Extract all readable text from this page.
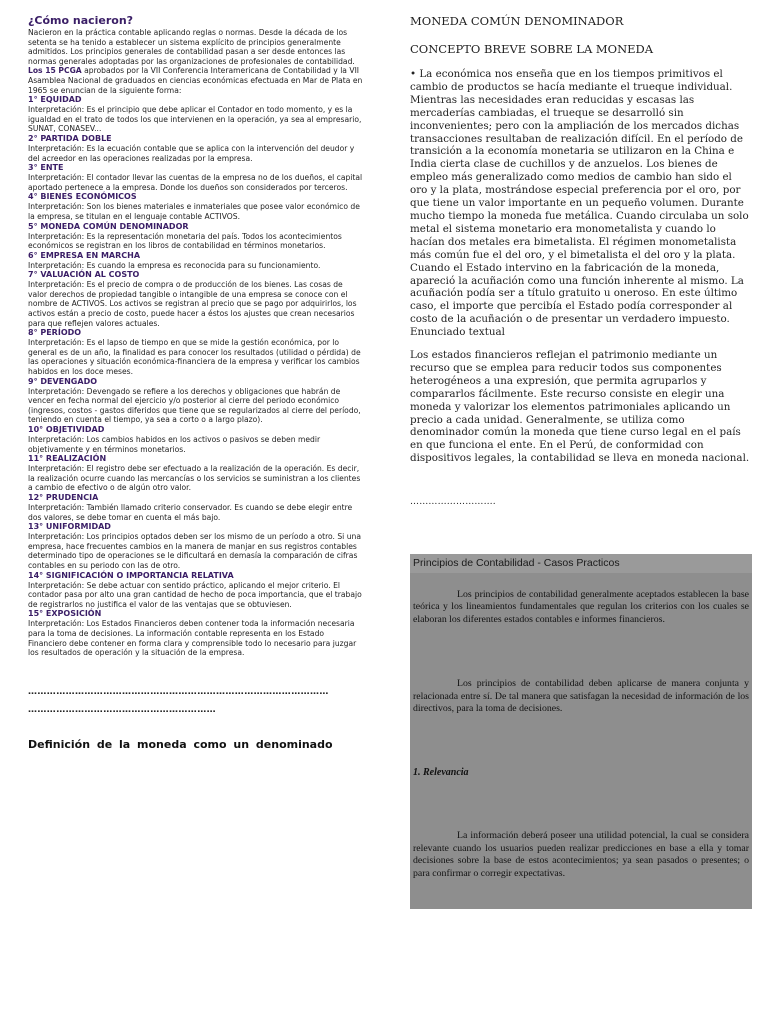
¿Cómo nacieron?

Nacieron en la práctica contable aplicando reglas o normas. Desde la década de los setenta se ha tenido a establecer un sistema explícito de principios generalmente admitidos. Los principios generales de contabilidad pasan a ser desde entonces las normas generales adoptadas por las organizaciones de profesionales de contabilidad.

Los 15 PCGA aprobados por la VII Conferencia Interamericana de Contabilidad y la VII Asamblea Nacional de graduados en ciencias económicas efectuada en Mar de Plata en 1965 se enuncian de la siguiente forma:

1° EQUIDAD

Interpretación: Es el principio que debe aplicar el Contador en todo momento, y es la igualdad en el trato de todos los que intervienen en la operación, ya sea al empresario, SUNAT, CONASEV...

2° PARTIDA DOBLE

Interpretación: Es la ecuación contable que se aplica con la intervención del deudor y del acreedor en las operaciones realizadas por la empresa.

3° ENTE

Interpretación: El contador llevar las cuentas de la empresa no de los dueños, el capital aportado pertenece a la empresa. Donde los dueños son considerados por terceros.

4° BIENES ECONÓMICOS

Interpretación: Son los bienes materiales e inmateriales que posee valor económico de la empresa, se titulan en el lenguaje contable ACTIVOS.

5° MONEDA COMÚN DENOMINADOR

Interpretación: Es la representación monetaria del país. Todos los acontecimientos económicos se registran en los libros de contabilidad en términos monetarios.

6° EMPRESA EN MARCHA

Interpretación: Es cuando la empresa es reconocida para su funcionamiento.

7° VALUACIÓN AL COSTO

Interpretación: Es el precio de compra o de producción de los bienes. Las cosas de valor derechos de propiedad tangible o intangible de una empresa se conoce con el nombre de ACTIVOS. Los activos se registran al precio que se pago por adquirirlos, los activos están a precio de costo, puede hacer a éstos los ajustes que crean necesarios para que reflejen valores actuales.

8° PERÍODO

Interpretación: Es el lapso de tiempo en que se mide la gestión económica, por lo general es de un año, la finalidad es para conocer los resultados (utilidad o pérdida) de las operaciones y situación económica-financiera de la empresa y verificar los cambios habidos en los doce meses.

9° DEVENGADO

Interpretación: Devengado se refiere a los derechos y obligaciones que habrán de vencer en fecha normal del ejercicio y/o posterior al cierre del periodo económico (ingresos, costos - gastos diferidos que tiene que se regularizados al cierre del período, teniendo en cuenta el tiempo, ya sea a corto o a largo plazo).

10° OBJETIVIDAD

Interpretación: Los cambios habidos en los activos o pasivos se deben medir objetivamente y en términos monetarios.

11° REALIZACIÓN

Interpretación: El registro debe ser efectuado a la realización de la operación. Es decir, la realización ocurre cuando las mercancías o los servicios se suministran a los clientes a cambio de efectivo o de algún otro valor.

12° PRUDENCIA

Interpretación: También llamado criterio conservador. Es cuando se debe elegir entre dos valores, se debe tomar en cuenta el más bajo.

13° UNIFORMIDAD

Interpretación: Los principios optados deben ser los mismo de un período a otro. Si una empresa, hace frecuentes cambios en la manera de manjar en sus registros contables determinado tipo de operaciones se le dificultará en demasía la comparación de cifras contables en su periodo con las de otro.

14° SIGNIFICACIÓN O IMPORTANCIA RELATIVA

Interpretación: Se debe actuar con sentido práctico, aplicando el mejor criterio. El contador pasa por alto una gran cantidad de hecho de poca importancia, que el trabajo de registrarlos no justifica el valor de las ventajas que se obtuviesen.

15° EXPOSICIÓN

Interpretación: Los Estados Financieros deben contener toda la información necesaria para la toma de decisiones. La información contable representa en los Estado Financiero debe contener en forma clara y comprensible todo lo necesario para juzgar los resultados de operación y la situación de la empresa.

……………………………………………………………………………………
……………………………………………………
Definición de la moneda como un denominado
MONEDA COMÚN DENOMINADOR
CONCEPTO BREVE SOBRE LA MONEDA

• La económica nos enseña que en los tiempos primitivos el cambio de productos se hacía mediante el trueque individual. Mientras las necesidades eran reducidas y escasas las mercaderías cambiadas, el trueque se desarrolló sin inconvenientes; pero con la ampliación de los mercados dichas transacciones resultaban de realización difícil. En el período de transición a la economía monetaria se utilizaron en la China e India cierta clase de cuchillos y de anzuelos. Los bienes de empleo más generalizado como medios de cambio han sido el oro y la plata, mostrándose especial preferencia por el oro, por que tiene un valor importante en un pequeño volumen. Durante mucho tiempo la moneda fue metálica. Cuando circulaba un solo metal el sistema monetario era monometalista y cuando lo hacían dos metales era bimetalista. El régimen monometalista más común fue el del oro, y el bimetalista el del oro y la plata. Cuando el Estado intervino en la fabricación de la moneda, apareció la acuñación como una función inherente al mismo. La acuñación podía ser a título gratuito u oneroso. En este último caso, el importe que percibía el Estado podía corresponder al costo de la acuñación o de presentar un verdadero impuesto. Enunciado textual

Los estados financieros reflejan el patrimonio mediante un recurso que se emplea para reducir todos sus componentes heterogéneos a una expresión, que permita agruparlos y compararlos fácilmente. Este recurso consiste en elegir una moneda y valorizar los elementos patrimoniales aplicando un precio a cada unidad. Generalmente, se utiliza como denominador común la moneda que tiene curso legal en el país en que funciona el ente. En el Perú, de conformidad con dispositivos legales, la contabilidad se lleva en moneda nacional.

……………………….
Principios de Contabilidad - Casos Practicos

Los principios de contabilidad generalmente aceptados establecen la base teórica y los lineamientos fundamentales que regulan los criterios con los cuales se elaboran los diferentes estados contables e informes financieros.

Los principios de contabilidad deben aplicarse de manera conjunta y relacionada entre sí. De tal manera que satisfagan la necesidad de información de los directivos, para la toma de decisiones.

1. Relevancia

La información deberá poseer una utilidad potencial, la cual se considera relevante cuando los usuarios pueden realizar predicciones en base a ella y tomar decisiones sobre la base de estos acontecimientos; ya sean pasados o presentes; o para confirmar o corregir expectativas.
